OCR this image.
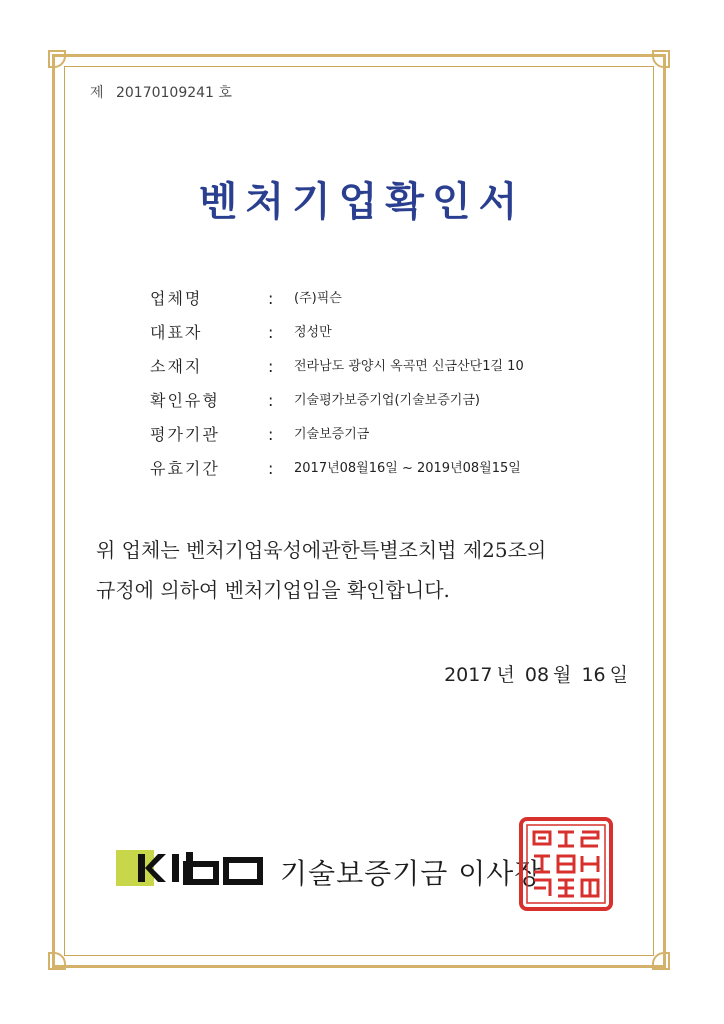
제 20170109241 호
벤처기업확인서
업체명	: (주)픽슨
대표자	: 정성만
소재지	: 전라남도 광양시 옥곡면 신금산단1길 10
확인유형	: 기술평가보증기업(기술보증기금)
평가기관	: 기술보증기금
유효기간	: 2017년08월16일 ~ 2019년08월15일
위 업체는 벤처기업육성에관한특별조치법 제25조의
규정에 의하여 벤처기업임을 확인합니다.
2017 년 08 월 16 일
기술보증기금 이사장
